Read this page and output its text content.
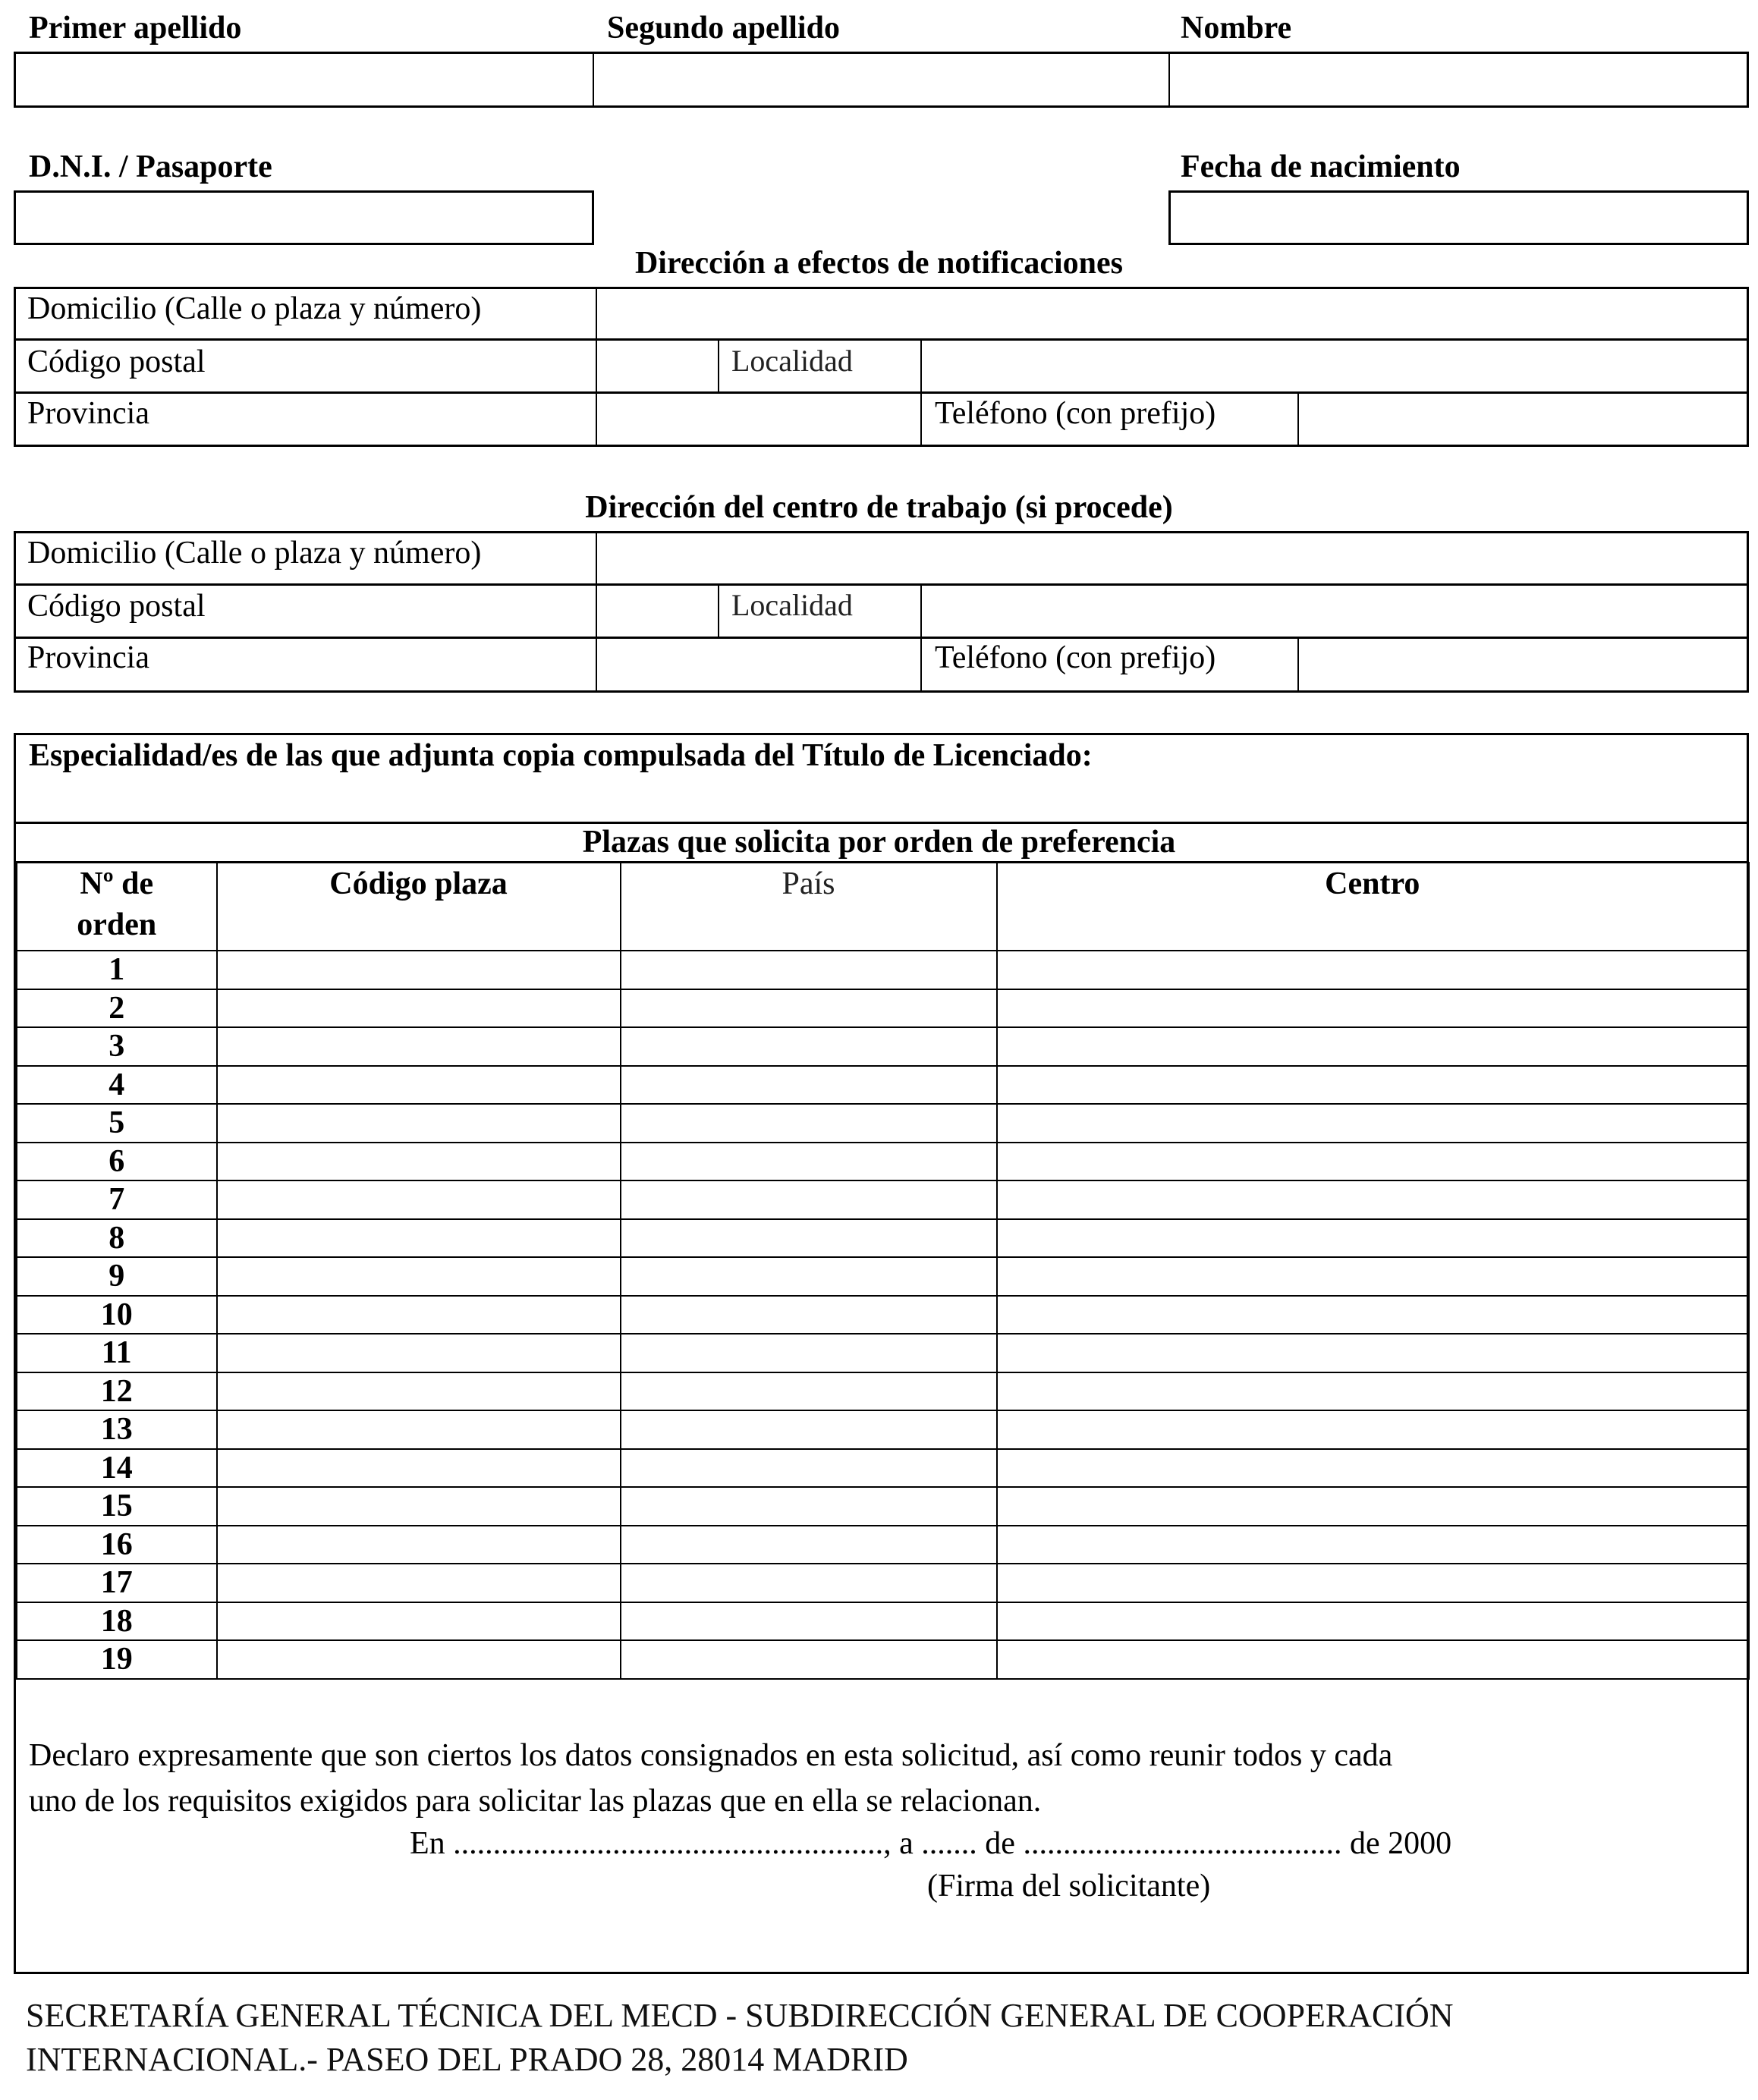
Primer apellido	Segundo apellido	Nombre
D.N.I. / Pasaporte	Fecha de nacimiento
Dirección a efectos de notificaciones
Domicilio (Calle o plaza y número)
Código postal	Localidad
Provincia	Teléfono (con prefijo)
Dirección del centro de trabajo (si procede)
Domicilio (Calle o plaza y número)
Código postal	Localidad
Provincia	Teléfono (con prefijo)
Especialidad/es de las que adjunta copia compulsada del Título de Licenciado:
Plazas que solicita por orden de preferencia
Nº de
orden	Código plaza	País	Centro
1			
2			
3			
4			
5			
6			
7			
8			
9			
10			
11			
12			
13			
14			
15			
16			
17			
18			
19			
Declaro expresamente que son ciertos los datos consignados en esta solicitud, así como reunir todos y cada
uno de los requisitos exigidos para solicitar las plazas que en ella se relacionan.
En ......................................................, a ....... de ........................................ de 2000
(Firma del solicitante)
SECRETARÍA GENERAL TÉCNICA DEL MECD - SUBDIRECCIÓN GENERAL DE COOPERACIÓN
INTERNACIONAL.- PASEO DEL PRADO 28, 28014 MADRID
